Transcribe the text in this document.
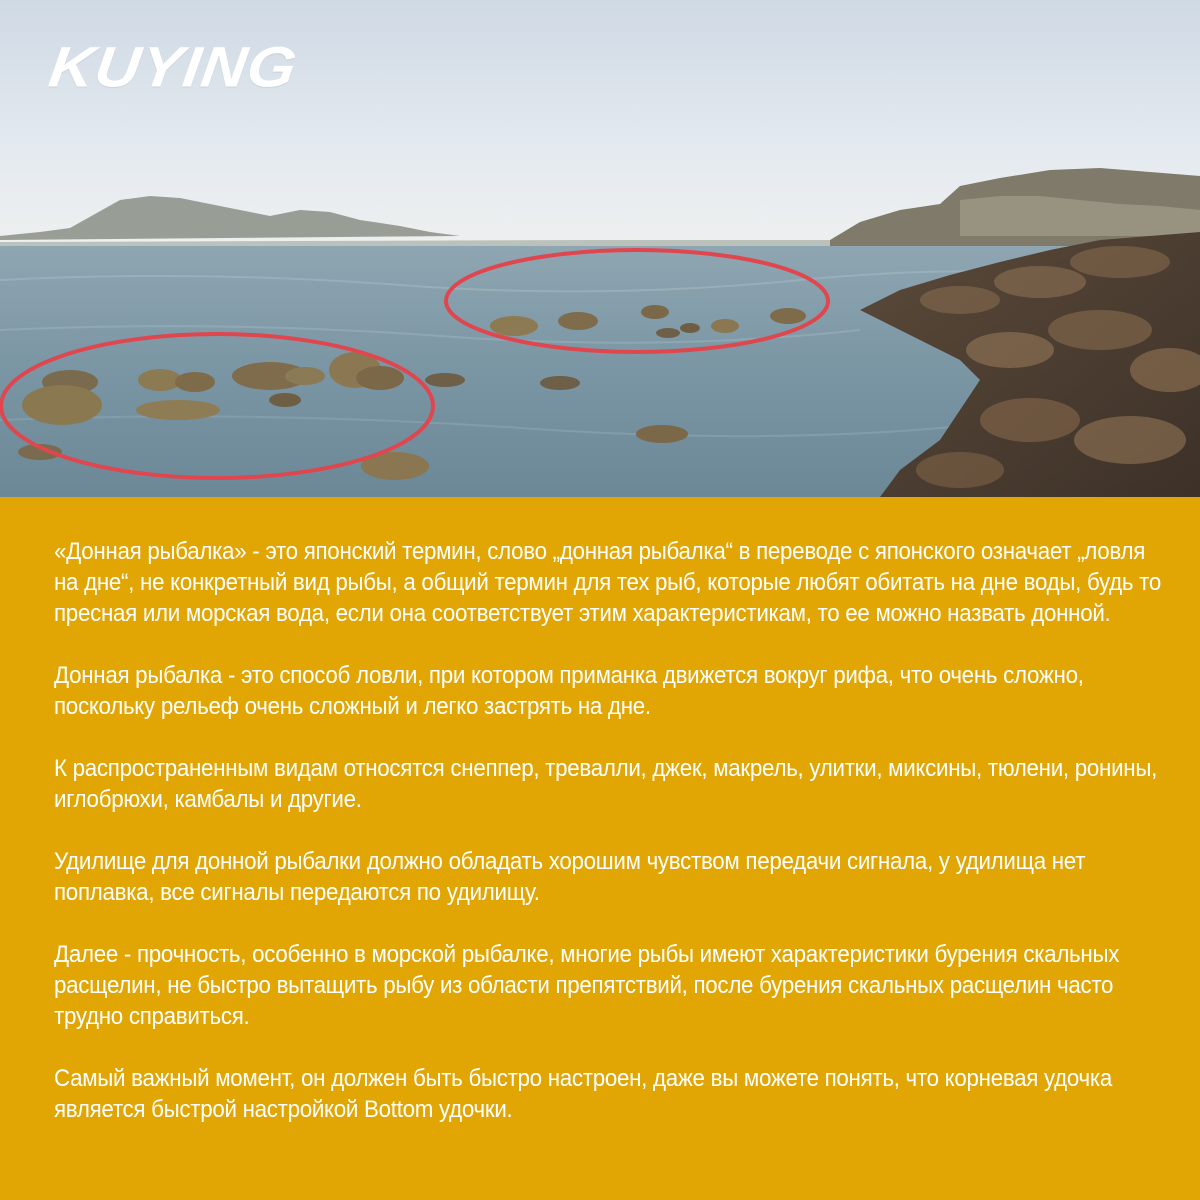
KUYING

«Донная рыбалка» - это японский термин, слово „донная рыбалка“ в переводе с японского означает „ловля на дне“, не конкретный вид рыбы, а общий термин для тех рыб, которые любят обитать на дне воды, будь то пресная или морская вода, если она соответствует этим характеристикам, то ее можно назвать донной.

Донная рыбалка - это способ ловли, при котором приманка движется вокруг рифа, что очень сложно, поскольку рельеф очень сложный и легко застрять на дне.

К распространенным видам относятся снеппер, тревалли, джек, макрель, улитки, миксины, тюлени, ронины, иглобрюхи, камбалы и другие.

Удилище для донной рыбалки должно обладать хорошим чувством передачи сигнала, у удилища нет поплавка, все сигналы передаются по удилищу.

Далее - прочность, особенно в морской рыбалке, многие рыбы имеют характеристики бурения скальных расщелин, не быстро вытащить рыбу из области препятствий, после бурения скальных расщелин часто трудно справиться.

Самый важный момент, он должен быть быстро настроен, даже вы можете понять, что корневая удочка является быстрой настройкой Bottom удочки.
